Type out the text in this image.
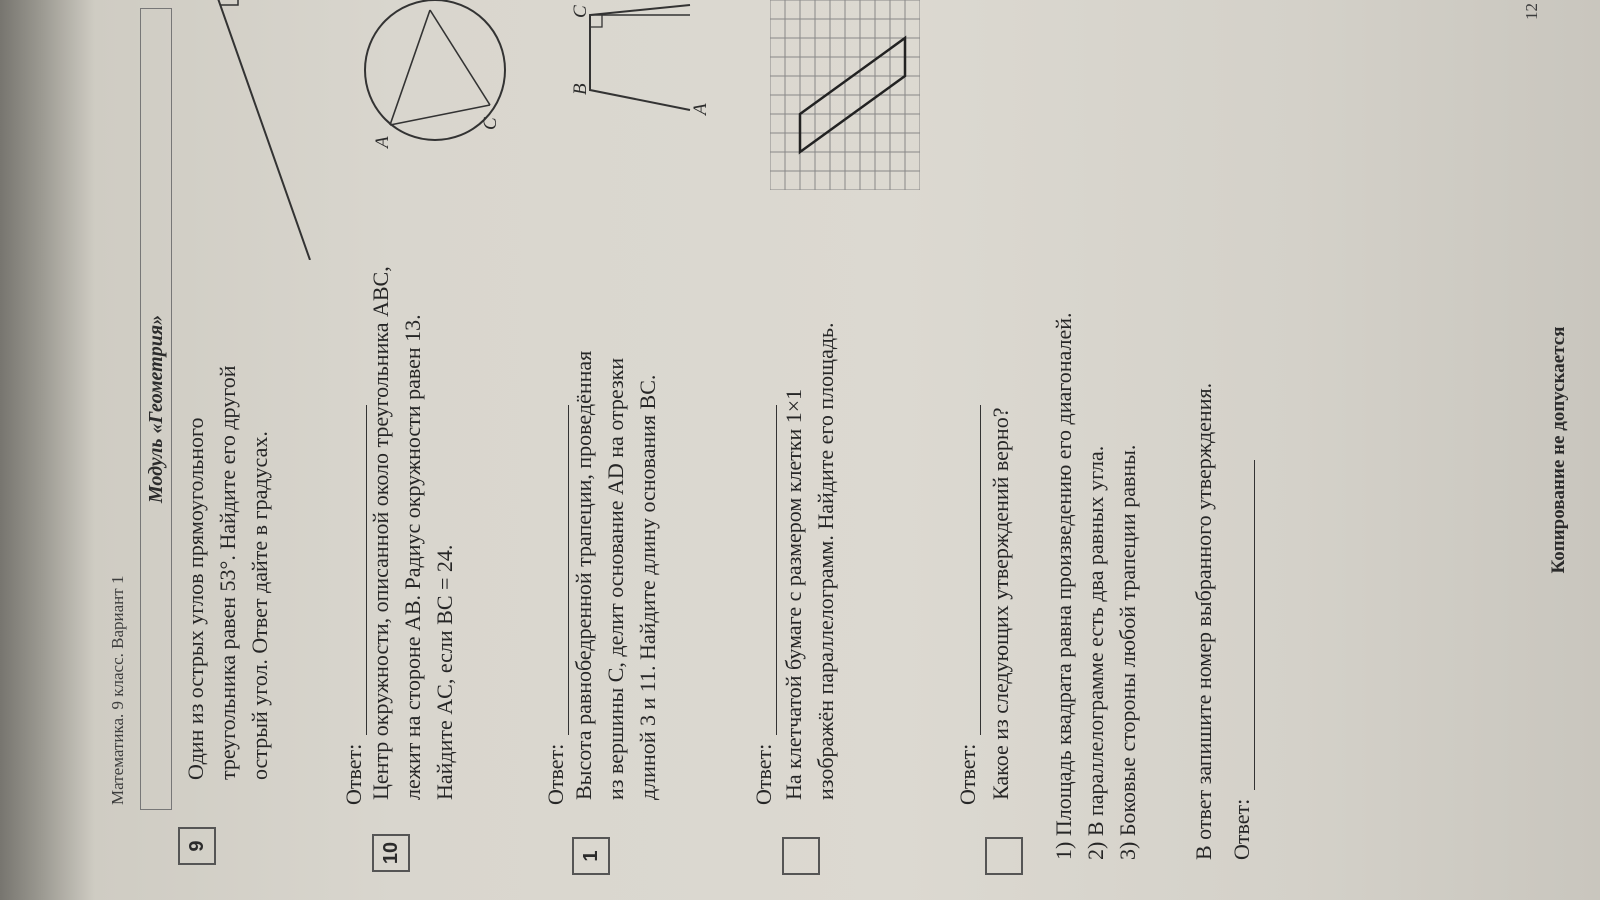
Математика. 9 класс. Вариант 1
12
Модуль «Геометрия»
9
Один из острых углов прямоугольного треугольника равен 53°. Найдите его другой острый угол. Ответ дайте в градусах.	Ответ:
10
Центр окружности, описанной около треугольника ABC, лежит на стороне AB. Радиус окружности равен 13. Найдите AC, если BC = 24.
A
C
Ответ:
1
Высота равнобедренной трапеции, проведённая из вершины C, делит основание AD на отрезки длиной 3 и 11. Найдите длину основания BC.
A
B
C
Ответ: На клетчатой бумаге с размером клетки 1×1 изображён параллелограмм. Найдите его площадь.	Ответ: Какое из следующих утверждений верно? 1) Площадь квадрата равна произведению его диагоналей. 2) В параллелограмме есть два равных угла. 3) Боковые стороны любой трапеции равны. В ответ запишите номер выбранного утверждения. Ответ:
Копирование не допускается
